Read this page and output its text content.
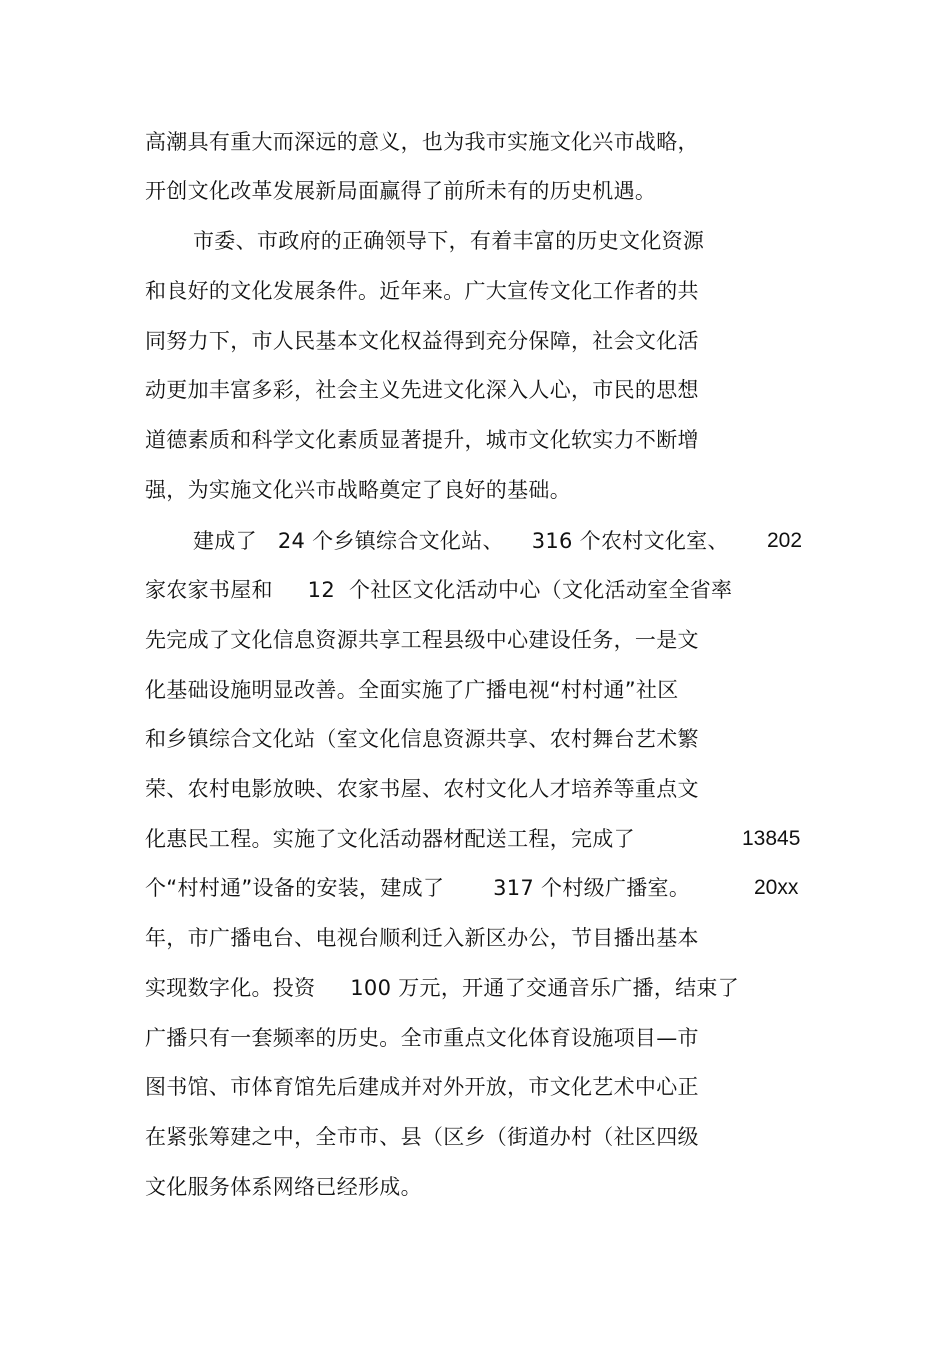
高潮具有重大而深远的意义，也为我市实施文化兴市战略，
开创文化改革发展新局面赢得了前所未有的历史机遇。
市委、市政府的正确领导下，有着丰富的历史文化资源
和良好的文化发展条件。近年来。广大宣传文化工作者的共
同努力下，市人民基本文化权益得到充分保障，社会文化活
动更加丰富多彩，社会主义先进文化深入人心，市民的思想
道德素质和科学文化素质显著提升，城市文化软实力不断增
强，为实施文化兴市战略奠定了良好的基础。
建成了   24 个乡镇综合文化站、    316 个农村文化室、 202
家农家书屋和     12  个社区文化活动中心（文化活动室全省率
先完成了文化信息资源共享工程县级中心建设任务，一是文
化基础设施明显改善。全面实施了广播电视“村村通”社区
和乡镇综合文化站（室文化信息资源共享、农村舞台艺术繁
荣、农村电影放映、农家书屋、农村文化人才培养等重点文
化惠民工程。实施了文化活动器材配送工程，完成了	13845
个“村村通”设备的安装，建成了       317 个村级广播室。	20xx
年，市广播电台、电视台顺利迁入新区办公，节目播出基本
实现数字化。投资     100 万元，开通了交通音乐广播，结束了
广播只有一套频率的历史。全市重点文化体育设施项目—市
图书馆、市体育馆先后建成并对外开放，市文化艺术中心正
在紧张筹建之中，全市市、县（区乡（街道办村（社区四级
文化服务体系网络已经形成。
